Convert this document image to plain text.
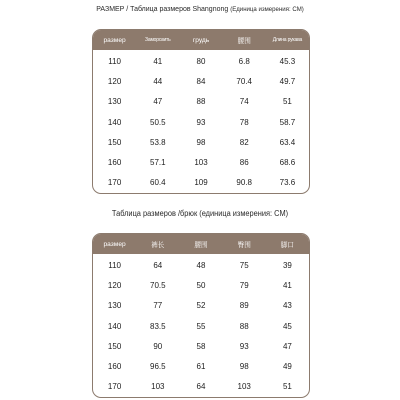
РАЗМЕР / Таблица размеров Shangnong (Единица измерения: CM)
размер	Заморозить	грудь	腰围	Длина рукава
110	41	80	6.8	45.3
120	44	84	70.4	49.7
130	47	88	74	51
140	50.5	93	78	58.7
150	53.8	98	82	63.4
160	57.1	103	86	68.6
170	60.4	109	90.8	73.6
Таблица размеров /брюк (единица измерения: CM)
размер	裤长	腰围	臀围	脚口
110	64	48	75	39
120	70.5	50	79	41
130	77	52	89	43
140	83.5	55	88	45
150	90	58	93	47
160	96.5	61	98	49
170	103	64	103	51
